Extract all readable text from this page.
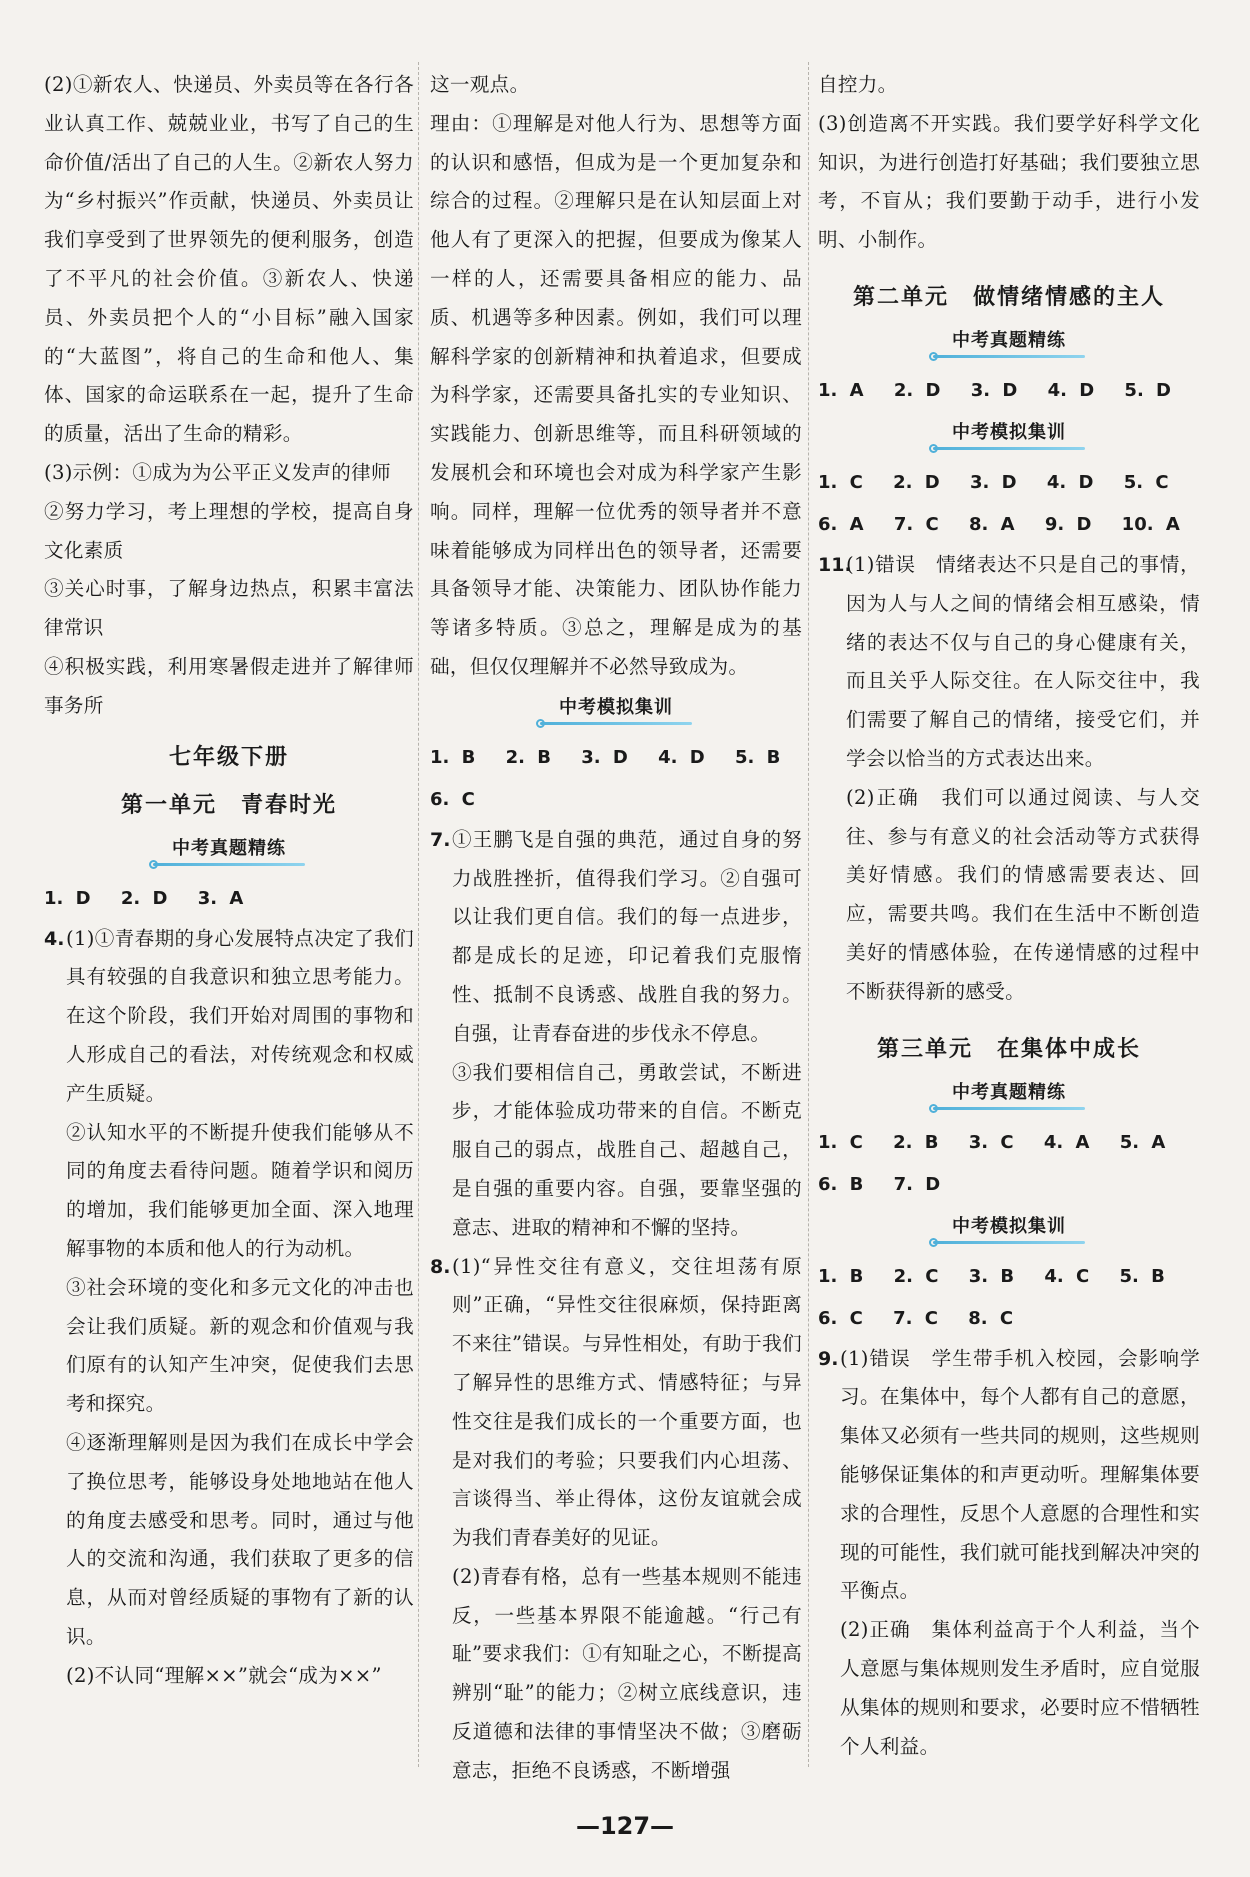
(2)①新农人、快递员、外卖员等在各行各业认真工作、兢兢业业，书写了自己的生命价值/活出了自己的人生。②新农人努力为“乡村振兴”作贡献，快递员、外卖员让我们享受到了世界领先的便利服务，创造了不平凡的社会价值。③新农人、快递员、外卖员把个人的“小目标”融入国家的“大蓝图”，将自己的生命和他人、集体、国家的命运联系在一起，提升了生命的质量，活出了生命的精彩。

(3)示例：①成为为公平正义发声的律师

②努力学习，考上理想的学校，提高自身文化素质

③关心时事，了解身边热点，积累丰富法律常识

④积极实践，利用寒暑假走进并了解律师事务所

七年级下册
第一单元　青春时光
中考真题精练

1. D 2. D 3. A

4. (1)①青春期的身心发展特点决定了我们具有较强的自我意识和独立思考能力。在这个阶段，我们开始对周围的事物和人形成自己的看法，对传统观念和权威产生质疑。

②认知水平的不断提升使我们能够从不同的角度去看待问题。随着学识和阅历的增加，我们能够更加全面、深入地理解事物的本质和他人的行为动机。

③社会环境的变化和多元文化的冲击也会让我们质疑。新的观念和价值观与我们原有的认知产生冲突，促使我们去思考和探究。

④逐渐理解则是因为我们在成长中学会了换位思考，能够设身处地地站在他人的角度去感受和思考。同时，通过与他人的交流和沟通，我们获取了更多的信息，从而对曾经质疑的事物有了新的认识。

(2)不认同“理解××”就会“成为××”

这一观点。

理由：①理解是对他人行为、思想等方面的认识和感悟，但成为是一个更加复杂和综合的过程。②理解只是在认知层面上对他人有了更深入的把握，但要成为像某人一样的人，还需要具备相应的能力、品质、机遇等多种因素。例如，我们可以理解科学家的创新精神和执着追求，但要成为科学家，还需要具备扎实的专业知识、实践能力、创新思维等，而且科研领域的发展机会和环境也会对成为科学家产生影响。同样，理解一位优秀的领导者并不意味着能够成为同样出色的领导者，还需要具备领导才能、决策能力、团队协作能力等诸多特质。③总之，理解是成为的基础，但仅仅理解并不必然导致成为。

中考模拟集训

1. B 2. B 3. D 4. D 5. B 6. C

7. ①王鹏飞是自强的典范，通过自身的努力战胜挫折，值得我们学习。②自强可以让我们更自信。我们的每一点进步，都是成长的足迹，印记着我们克服惰性、抵制不良诱惑、战胜自我的努力。自强，让青春奋进的步伐永不停息。

③我们要相信自己，勇敢尝试，不断进步，才能体验成功带来的自信。不断克服自己的弱点，战胜自己、超越自己，是自强的重要内容。自强，要靠坚强的意志、进取的精神和不懈的坚持。

8. (1)“异性交往有意义，交往坦荡有原则”正确，“异性交往很麻烦，保持距离不来往”错误。与异性相处，有助于我们了解异性的思维方式、情感特征；与异性交往是我们成长的一个重要方面，也是对我们的考验；只要我们内心坦荡、言谈得当、举止得体，这份友谊就会成为我们青春美好的见证。

(2)青春有格，总有一些基本规则不能违反，一些基本界限不能逾越。“行己有耻”要求我们：①有知耻之心，不断提高辨别“耻”的能力；②树立底线意识，违反道德和法律的事情坚决不做；③磨砺意志，拒绝不良诱惑，不断增强

自控力。

(3)创造离不开实践。我们要学好科学文化知识，为进行创造打好基础；我们要独立思考，不盲从；我们要勤于动手，进行小发明、小制作。

第二单元　做情绪情感的主人
中考真题精练

1. A 2. D 3. D 4. D 5. D

中考模拟集训

1. C 2. D 3. D 4. D 5. C

6. A 7. C 8. A 9. D 10. A

11.

(1)错误　情绪表达不只是自己的事情，因为人与人之间的情绪会相互感染，情绪的表达不仅与自己的身心健康有关，而且关乎人际交往。在人际交往中，我们需要了解自己的情绪，接受它们，并学会以恰当的方式表达出来。

(2)正确　我们可以通过阅读、与人交往、参与有意义的社会活动等方式获得美好情感。我们的情感需要表达、回应，需要共鸣。我们在生活中不断创造美好的情感体验，在传递情感的过程中不断获得新的感受。

第三单元　在集体中成长
中考真题精练

1. C 2. B 3. C 4. A 5. A

6. B 7. D

中考模拟集训

1. B 2. C 3. B 4. C 5. B

6. C 7. C 8. C

9. (1)错误　学生带手机入校园，会影响学习。在集体中，每个人都有自己的意愿，集体又必须有一些共同的规则，这些规则能够保证集体的和声更动听。理解集体要求的合理性，反思个人意愿的合理性和实现的可能性，我们就可能找到解决冲突的平衡点。

(2)正确　集体利益高于个人利益，当个人意愿与集体规则发生矛盾时，应自觉服从集体的规则和要求，必要时应不惜牺牲个人利益。

—127—
